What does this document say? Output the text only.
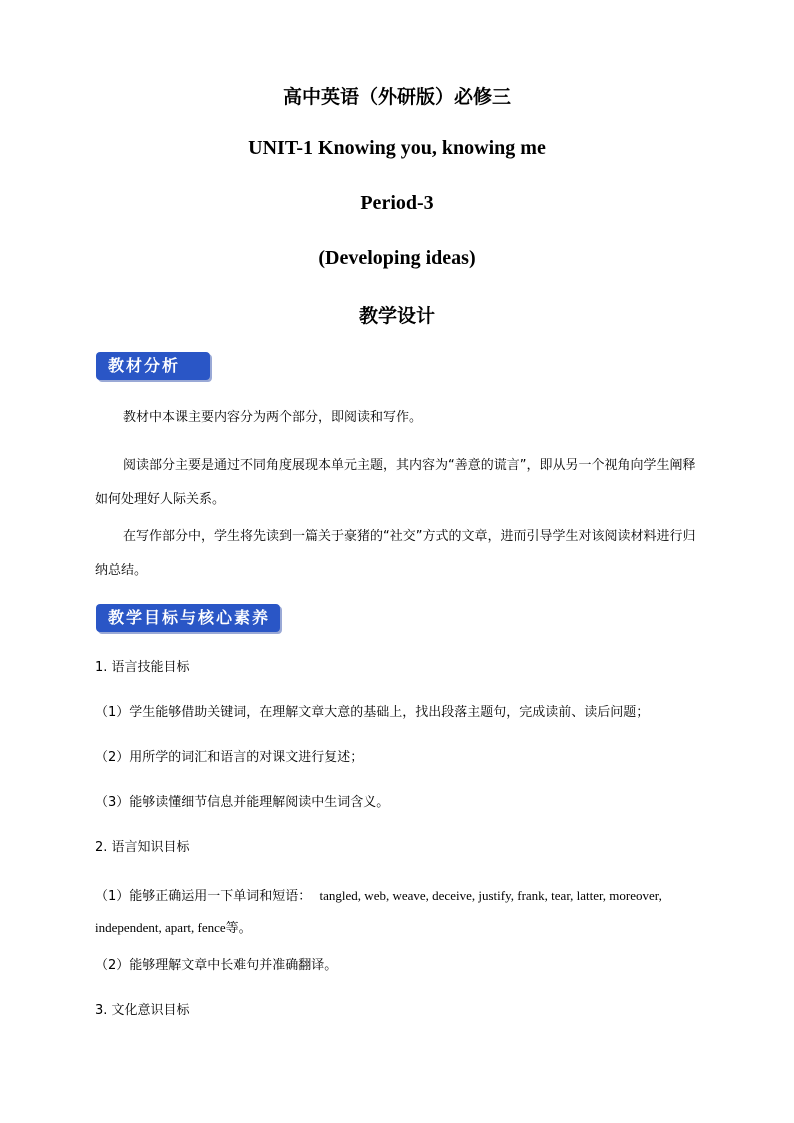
高中英语（外研版）必修三
UNIT-1 Knowing you, knowing me
Period-3
(Developing ideas)
教学设计
教材分析

教材中本课主要内容分为两个部分，即阅读和写作。

阅读部分主要是通过不同角度展现本单元主题，其内容为“善意的谎言”，即从另一个视角向学生阐释如何处理好人际关系。

在写作部分中，学生将先读到一篇关于豪猪的“社交”方式的文章，进而引导学生对该阅读材料进行归纳总结。

教学目标与核心素养

1. 语言技能目标

（1）学生能够借助关键词，在理解文章大意的基础上，找出段落主题句，完成读前、读后问题；

（2）用所学的词汇和语言的对课文进行复述；

（3）能够读懂细节信息并能理解阅读中生词含义。

2. 语言知识目标

（1）能够正确运用一下单词和短语： tangled, web, weave, deceive, justify, frank, tear, latter, moreover, independent, apart, fence等。

（2）能够理解文章中长难句并准确翻译。

3. 文化意识目标
